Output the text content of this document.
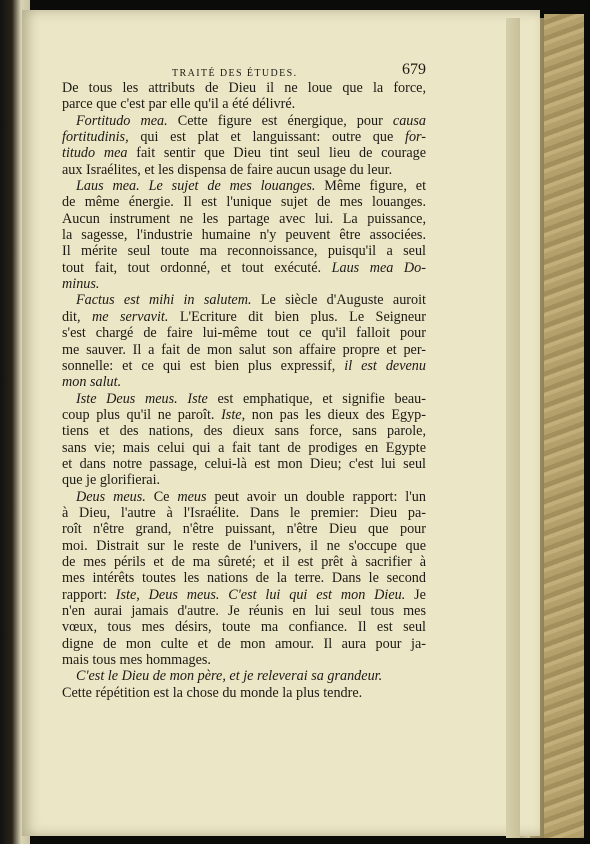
TRAITÉ DES ÉTUDES.	679
De tous les attributs de Dieu il ne loue que la force,
parce que c'est par elle qu'il a été délivré.
Fortitudo mea. Cette figure est énergique, pour causa
fortitudinis, qui est plat et languissant: outre que for-
titudo mea fait sentir que Dieu tint seul lieu de courage
aux Israélites, et les dispensa de faire aucun usage du leur.
Laus mea. Le sujet de mes louanges. Même figure, et
de même énergie. Il est l'unique sujet de mes louanges.
Aucun instrument ne les partage avec lui. La puissance,
la sagesse, l'industrie humaine n'y peuvent être associées.
Il mérite seul toute ma reconnoissance, puisqu'il a seul
tout fait, tout ordonné, et tout exécuté. Laus mea Do-
minus.
Factus est mihi in salutem. Le siècle d'Auguste auroit
dit, me servavit. L'Ecriture dit bien plus. Le Seigneur
s'est chargé de faire lui-même tout ce qu'il falloit pour
me sauver. Il a fait de mon salut son affaire propre et per-
sonnelle: et ce qui est bien plus expressif, il est devenu
mon salut.
Iste Deus meus. Iste est emphatique, et signifie beau-
coup plus qu'il ne paroît. Iste, non pas les dieux des Egyp-
tiens et des nations, des dieux sans force, sans parole,
sans vie; mais celui qui a fait tant de prodiges en Egypte
et dans notre passage, celui-là est mon Dieu; c'est lui seul
que je glorifierai.
Deus meus. Ce meus peut avoir un double rapport: l'un
à Dieu, l'autre à l'Israélite. Dans le premier: Dieu pa-
roît n'être grand, n'être puissant, n'être Dieu que pour
moi. Distrait sur le reste de l'univers, il ne s'occupe que
de mes périls et de ma sûreté; et il est prêt à sacrifier à
mes intérêts toutes les nations de la terre. Dans le second
rapport: Iste, Deus meus. C'est lui qui est mon Dieu. Je
n'en aurai jamais d'autre. Je réunis en lui seul tous mes
vœux, tous mes désirs, toute ma confiance. Il est seul
digne de mon culte et de mon amour. Il aura pour ja-
mais tous mes hommages.
C'est le Dieu de mon père, et je releverai sa grandeur.
Cette répétition est la chose du monde la plus tendre.
